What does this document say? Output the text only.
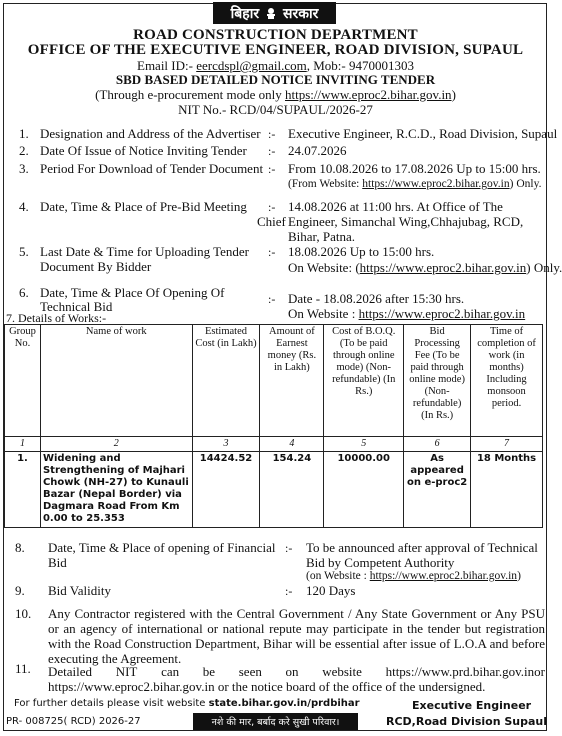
बिहार सरकार
ROAD CONSTRUCTION DEPARTMENT
OFFICE OF THE EXECUTIVE ENGINEER, ROAD DIVISION, SUPAUL
Email ID:- eercdspl@gmail.com, Mob:- 9470001303
SBD BASED DETAILED NOTICE INVITING TENDER
(Through e-procurement mode only https://www.eproc2.bihar.gov.in)
NIT No.- RCD/04/SUPAUL/2026-27
1. Designation and Address of the Advertiser :- Executive Engineer, R.C.D., Road Division, Supaul
2. Date Of Issue of Notice Inviting Tender :- 24.07.2026
3. Period For Download of Tender Document :- From 10.08.2026 to 17.08.2026 Up to 15:00 hrs.
(From Website: https://www.eproc2.bihar.gov.in) Only.
4. Date, Time & Place of Pre-Bid Meeting :- 14.08.2026 at 11:00 hrs. At Office of The
Chief Engineer, Simanchal Wing,Chhajubag, RCD,
Bihar, Patna.
5. Last Date & Time for Uploading Tender
Document By Bidder
:- 18.08.2026 Up to 15:00 hrs.
On Website: (https://www.eproc2.bihar.gov.in) Only.
6. Date, Time & Place Of Opening Of
Technical Bid	:- Date - 18.08.2026 after 15:30 hrs.
On Website : https://www.eproc2.bihar.gov.in
7. Details of Works:-
Group No.	Name of work	Estimated Cost (in Lakh)	Amount of Earnest money (Rs. in Lakh)	Cost of B.O.Q. (To be paid through online mode) (Non-refundable) (In Rs.)	Bid Processing Fee (To be paid through online mode) (Non-refundable) (In Rs.)	Time of completion of work (in months) Including monsoon period.
1	2	3	4	5	6	7
1.	Widening and Strengthening of Majhari Chowk (NH-27) to Kunauli Bazar (Nepal Border) via Dagmara Road From Km 0.00 to 25.353	14424.52	154.24	10000.00	As appeared on e-proc2	18 Months
8. Date, Time & Place of opening of Financial
Bid
:- To be announced after approval of Technical
Bid by Competent Authority
(on Website : https://www.eproc2.bihar.gov.in)
9. Bid Validity	:- 120 Days
10. Any Contractor registered with the Central Government / Any State Government or Any PSU or an agency of international or national repute may participate in the tender but registration with the Road Construction Department, Bihar will be essential after issue of L.O.A and before executing the Agreement.
11. Detailed NIT can be seen on website https://www.prd.bihar.gov.inor
https://www.eproc2.bihar.gov.in or the notice board of the office of the undersigned.
For further details please visit website state.bihar.gov.in/prdbihar
PR- 008725( RCD) 2026-27	नशे की मार, बर्बाद करे सुखी परिवार।
Executive Engineer
RCD,Road Division Supaul
